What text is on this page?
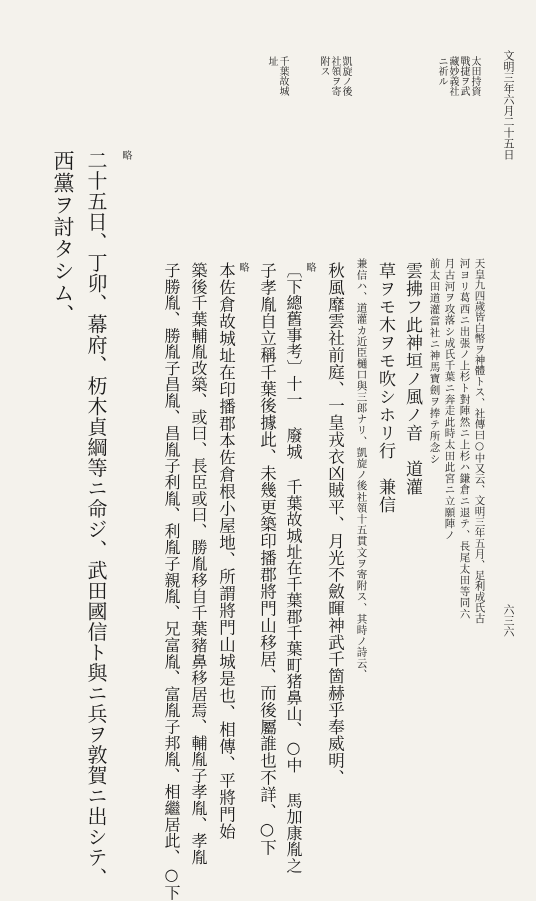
文明三年六月二十五日
六三六
太田持資
戰捷ヲ武
藏妙義社
ニ祈ル
凱旋ノ後
社領ヲ寄
附ス
千葉故城
址
天皇九四歲皆白幣ヲ神體トス、社傳曰○中又云、文明三年五月、足利成氏古
河ヨリ葛西ニ出張ノ上杉ト對陣然ニ上杉ハ鎌倉ニ退テ、長尾太田等同六
月古河ヲ攻落シ成氏千葉ニ奔走此時太田此宮ニ立願陣ノ
前太田道灌當社ニ神馬寶劍ヲ捧テ所念シ
雲拂フ此神垣ノ風ノ音　道灌
草ヲモ木ヲモ吹シホリ行　兼信
兼信ハ、道灌カ近臣樋口與三郎ナリ、凱旋ノ後社領十五貫文ヲ寄附ス、其時ノ詩云、
秋風靡雲社前庭、一皇戎衣凶賊平、月光不斂暉神武千箇赫乎奉威明、
略
〔下總舊事考〕十一 廢城 千葉故城址在千葉郡千葉町猪鼻山、○中 馬加康胤之
子孝胤自立稱千葉後據此、未幾更築印播郡將門山移居、而後屬誰也不詳、○下
略
本佐倉故城址在印播郡本佐倉根小屋地、所謂將門山城是也、相傳、平將門始
築後千葉輔胤改築、或曰、長臣或曰、勝胤移自千葉豬鼻移居焉、輔胤子孝胤、孝胤
子勝胤、勝胤子昌胤、昌胤子利胤、利胤子親胤、兄富胤、富胤子邦胤、相繼居此、○下
略
二十五日、丁卯、幕府、杤木貞綱等ニ命ジ、武田國信ト與ニ兵ヲ敦賀ニ出シテ、
西黨ヲ討タシム、
